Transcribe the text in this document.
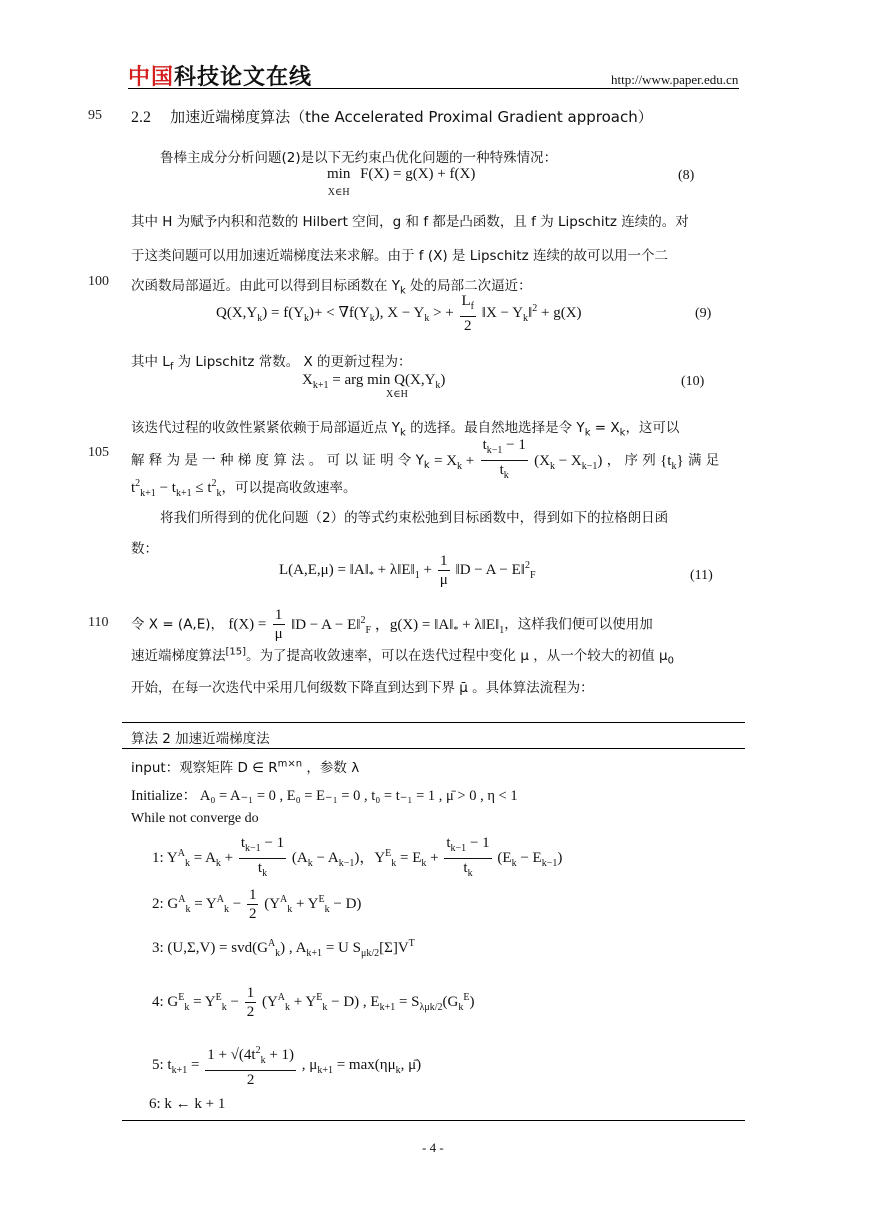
中国科技论文在线	http://www.paper.edu.cn
95
100
105
110
2.2 加速近端梯度算法（the Accelerated Proximal Gradient approach）
鲁棒主成分分析问题(2)是以下无约束凸优化问题的一种特殊情况：
min
X∈H F(X) = g(X) + f(X)	(8)
其中 H 为赋予内积和范数的 Hilbert 空间，g 和 f 都是凸函数，且 f 为 Lipschitz 连续的。对
于这类问题可以用加速近端梯度法来求解。由于 f (X) 是 Lipschitz 连续的故可以用一个二
次函数局部逼近。由此可以得到目标函数在 $Y_k$ 处的局部二次逼近：
$Q(X,Y_k) = f(Y_k)+ < \nabla f(Y_k)$, $X - Y_k$ > + $\frac{L_f}{2}$ ‖X − $Y_k‖^2 + g(X)$	(9)
其中 $L_f$ 为 Lipschitz 常数。 X 的更新过程为：
$X_{k+1}$ = arg $\min Q(X,Y_k)$
X∈H
(10)
该迭代过程的收敛性紧紧依赖于局部逼近点 $Y_k$ 的选择。最自然地选择是令 $Y_k = X_k$，这可以
解 释 为 是 一 种 梯 度 算 法 。 可 以 证 明 令 $Y_k = X_k + \frac{t_{k-1} - 1}{t_k} (X_k - X_{k-1})$ ， 序 列 $\{t_k\}$ 满 足
$t^2_{k+1} - t_{k+1} \le t^2_k$，可以提高收敛速率。
将我们所得到的优化问题（2）的等式约束松弛到目标函数中，得到如下的拉格朗日函
数：
$L(A,E,\mu) = ‖A‖_*$ + $\lambda‖E‖_1 + \frac{1}{\mu}$ ‖D − A − E‖$^2_F$	(11)
令 X = (A,E)， $f(X) = \frac{1}{\mu}$ ‖D − A − E‖$^2_F$ ，$g(X) = ‖A‖_*$ + $\lambda‖E‖_1$，这样我们便可以使用加
速近端梯度算法[15]。为了提高收敛速率，可以在迭代过程中变化 μ ，从一个较大的初值 $\mu_0$
开始，在每一次迭代中采用几何级数下降直到达到下界 μ̄ 。具体算法流程为：
算法 2 加速近端梯度法
input：观察矩阵 D ∈ $R^{m\times n}$ ，参数 λ
Initialize： A₀ = A₋₁ = 0 , E₀ = E₋₁ = 0 , t₀ = t₋₁ = 1 , μ̄ > 0 , η < 1
While not converge do
1: $Y^A_k = A_k + \frac{t_{k-1} - 1}{t_k} (A_k - A_{k-1})$，$Y^E_k = E_k + \frac{t_{k-1} - 1}{t_k} (E_k - E_{k-1})$
2: $G^A_k = Y^A_k - \frac{1}{2} (Y^A_k + Y^E_k - D)$
3: $(U,\Sigma,V) = svd(G^A_k)$ , $A_{k+1} = U$ $S_{\mu k/2}[\Sigma]V^T$
4: $G^E_k = Y^E_k - \frac{1}{2} (Y^A_k + Y^E_k - D)$ , $E_{k+1} = S_{\lambda\mu k/2}(G_k^E)$
5: $t_{k+1} = \frac{1 + √(4t^2_k + 1)}{2}$ , $\mu_{k+1} = \max(\eta\mu_k$, μ̄)
6: k ← k + 1
- 4 -
